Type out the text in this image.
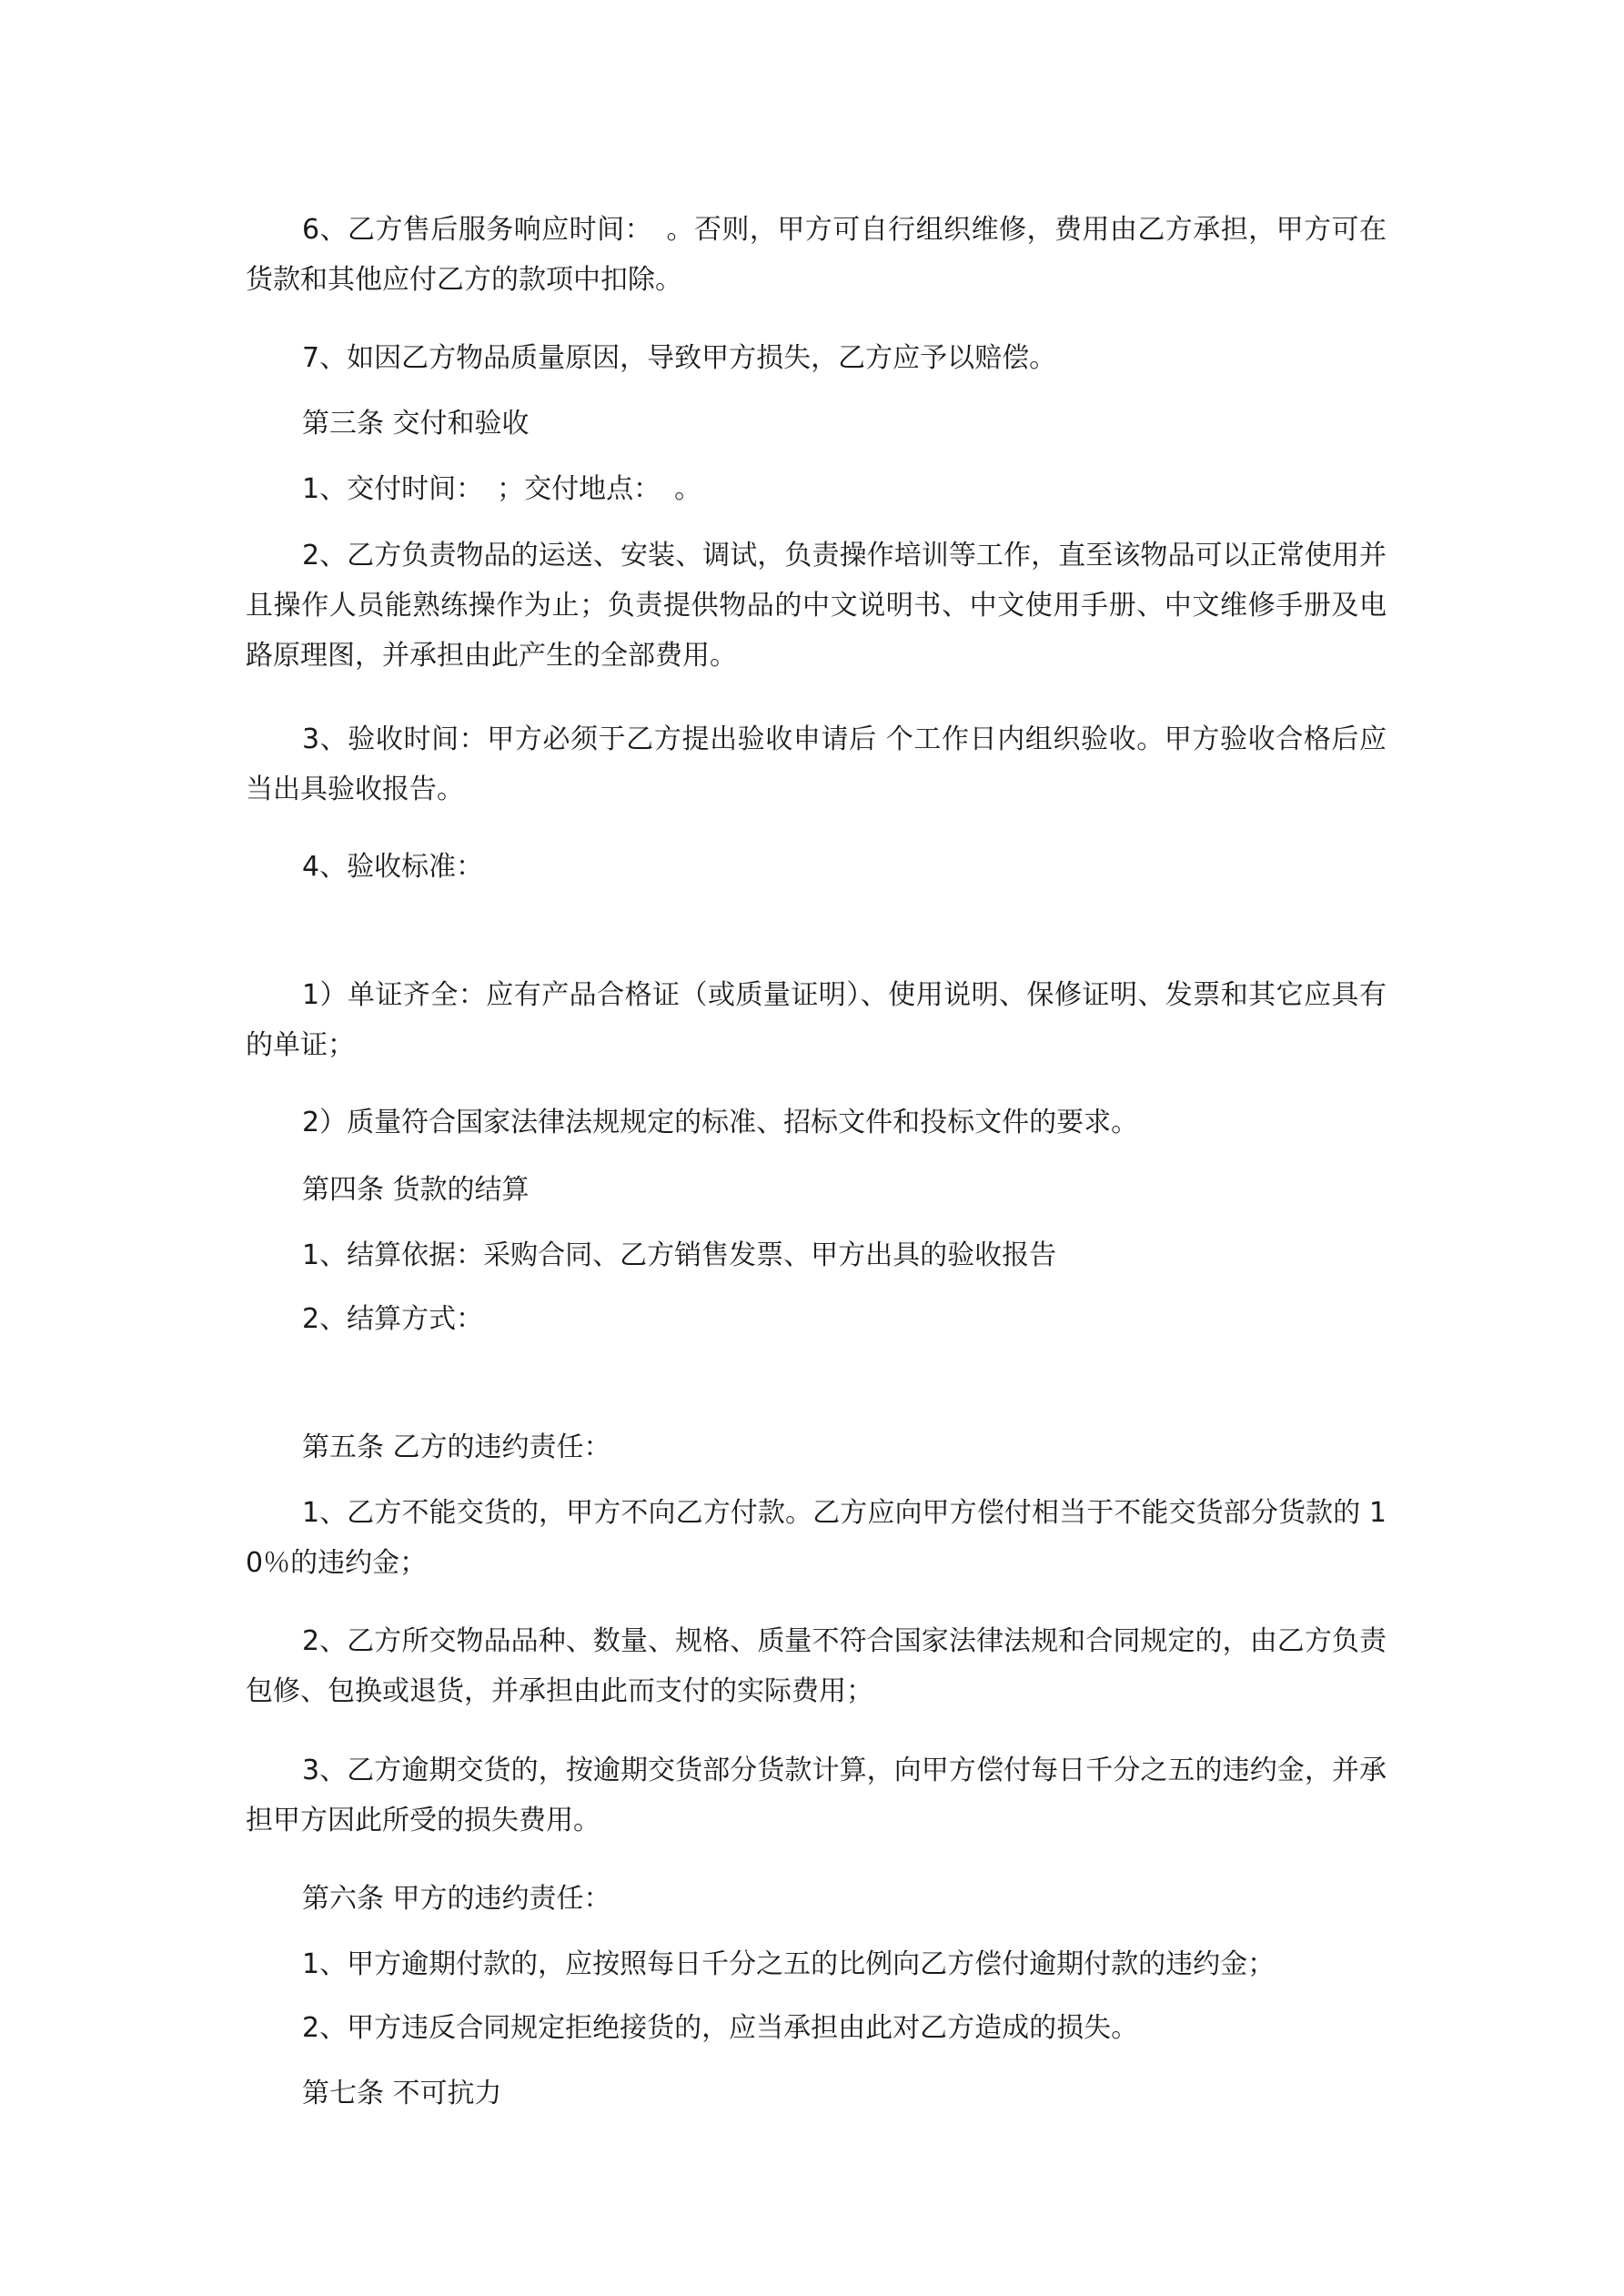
6、乙方售后服务响应时间：　。否则，甲方可自行组织维修，费用由乙方承担，甲方可在货款和其他应付乙方的款项中扣除。

7、如因乙方物品质量原因，导致甲方损失，乙方应予以赔偿。

第三条 交付和验收

1、交付时间：　；交付地点：　。

2、乙方负责物品的运送、安装、调试，负责操作培训等工作，直至该物品可以正常使用并且操作人员能熟练操作为止；负责提供物品的中文说明书、中文使用手册、中文维修手册及电路原理图，并承担由此产生的全部费用。

3、验收时间：甲方必须于乙方提出验收申请后 个工作日内组织验收。甲方验收合格后应当出具验收报告。

4、验收标准：

1）单证齐全：应有产品合格证（或质量证明）、使用说明、保修证明、发票和其它应具有的单证；

2）质量符合国家法律法规规定的标准、招标文件和投标文件的要求。

第四条 货款的结算

1、结算依据：采购合同、乙方销售发票、甲方出具的验收报告

2、结算方式：

第五条 乙方的违约责任：

1、乙方不能交货的，甲方不向乙方付款。乙方应向甲方偿付相当于不能交货部分货款的 10％的违约金；

2、乙方所交物品品种、数量、规格、质量不符合国家法律法规和合同规定的，由乙方负责包修、包换或退货，并承担由此而支付的实际费用；

3、乙方逾期交货的，按逾期交货部分货款计算，向甲方偿付每日千分之五的违约金，并承担甲方因此所受的损失费用。

第六条 甲方的违约责任：

1、甲方逾期付款的，应按照每日千分之五的比例向乙方偿付逾期付款的违约金；

2、甲方违反合同规定拒绝接货的，应当承担由此对乙方造成的损失。

第七条 不可抗力
